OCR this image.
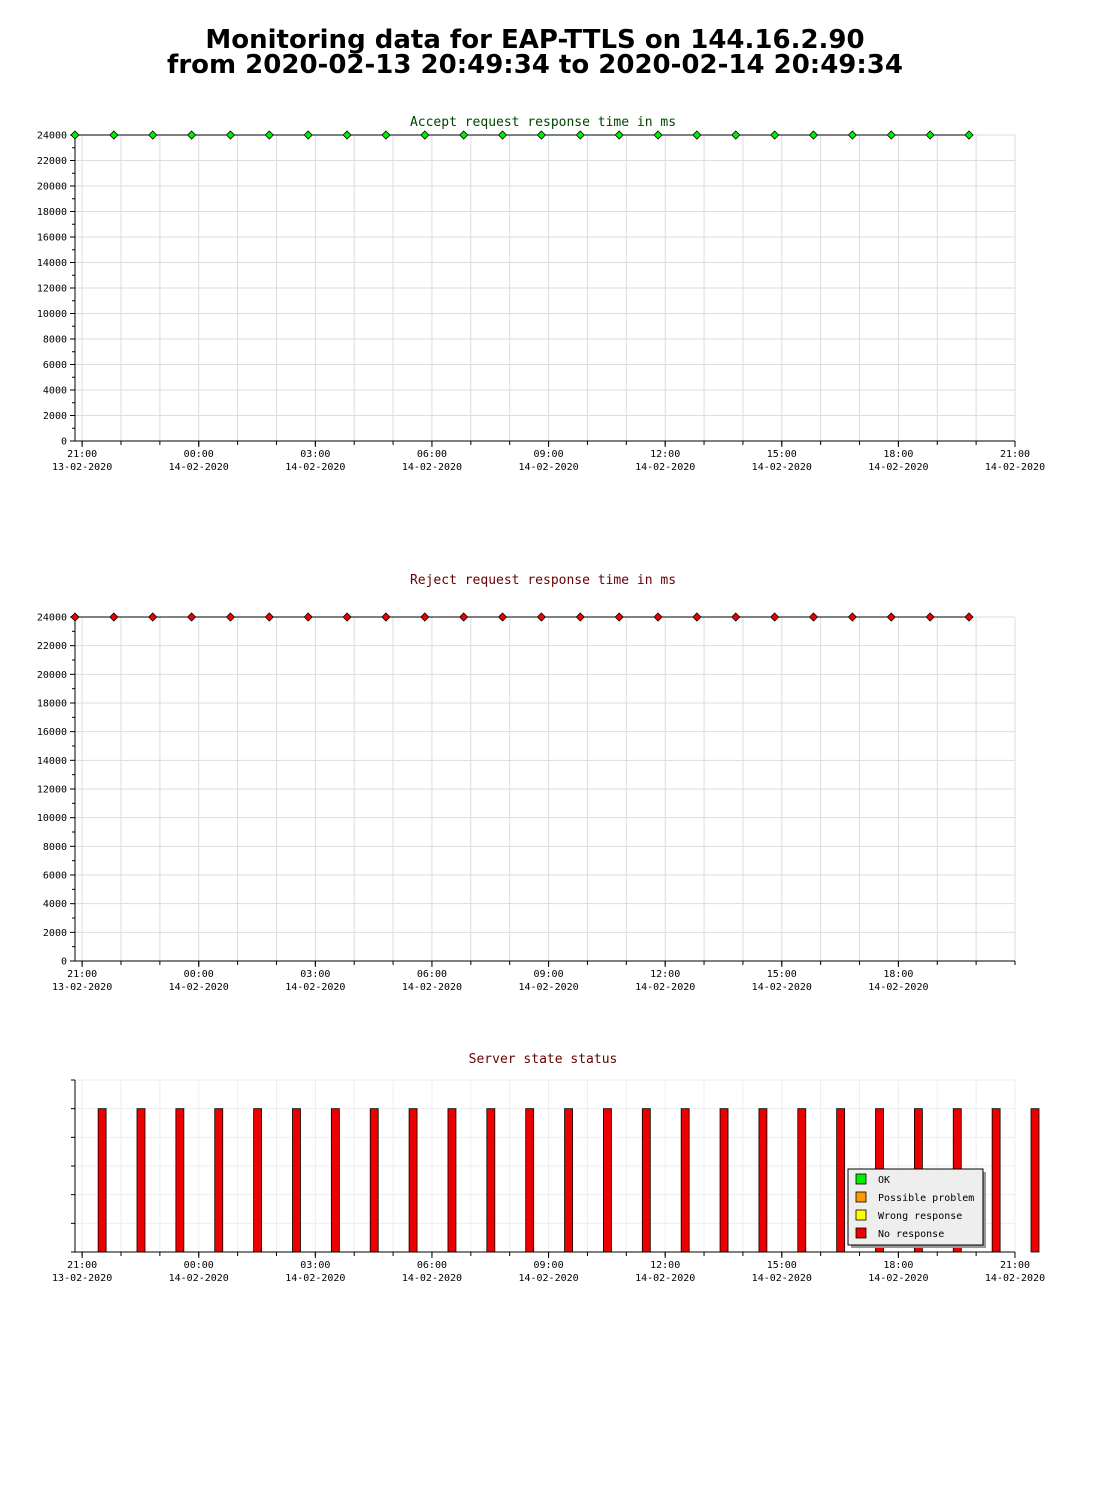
Monitoring data for EAP-TTLS on 144.16.2.90
from 2020-02-13 20:49:34 to 2020-02-14 20:49:34
Accept request response time in ms
0
2000
4000
6000
8000
10000
12000
14000
16000
18000
20000
22000
24000
21:00
13-02-2020
00:00
14-02-2020
03:00
14-02-2020
06:00
14-02-2020
09:00
14-02-2020
12:00
14-02-2020
15:00
14-02-2020
18:00
14-02-2020
21:00
14-02-2020
Reject request response time in ms
0
2000
4000
6000
8000
10000
12000
14000
16000
18000
20000
22000
24000
21:00
13-02-2020
00:00
14-02-2020
03:00
14-02-2020
06:00
14-02-2020
09:00
14-02-2020
12:00
14-02-2020
15:00
14-02-2020
18:00
14-02-2020
Server state status
OK
Possible problem
Wrong response
No response
21:00
13-02-2020
00:00
14-02-2020
03:00
14-02-2020
06:00
14-02-2020
09:00
14-02-2020
12:00
14-02-2020
15:00
14-02-2020
18:00
14-02-2020
21:00
14-02-2020
